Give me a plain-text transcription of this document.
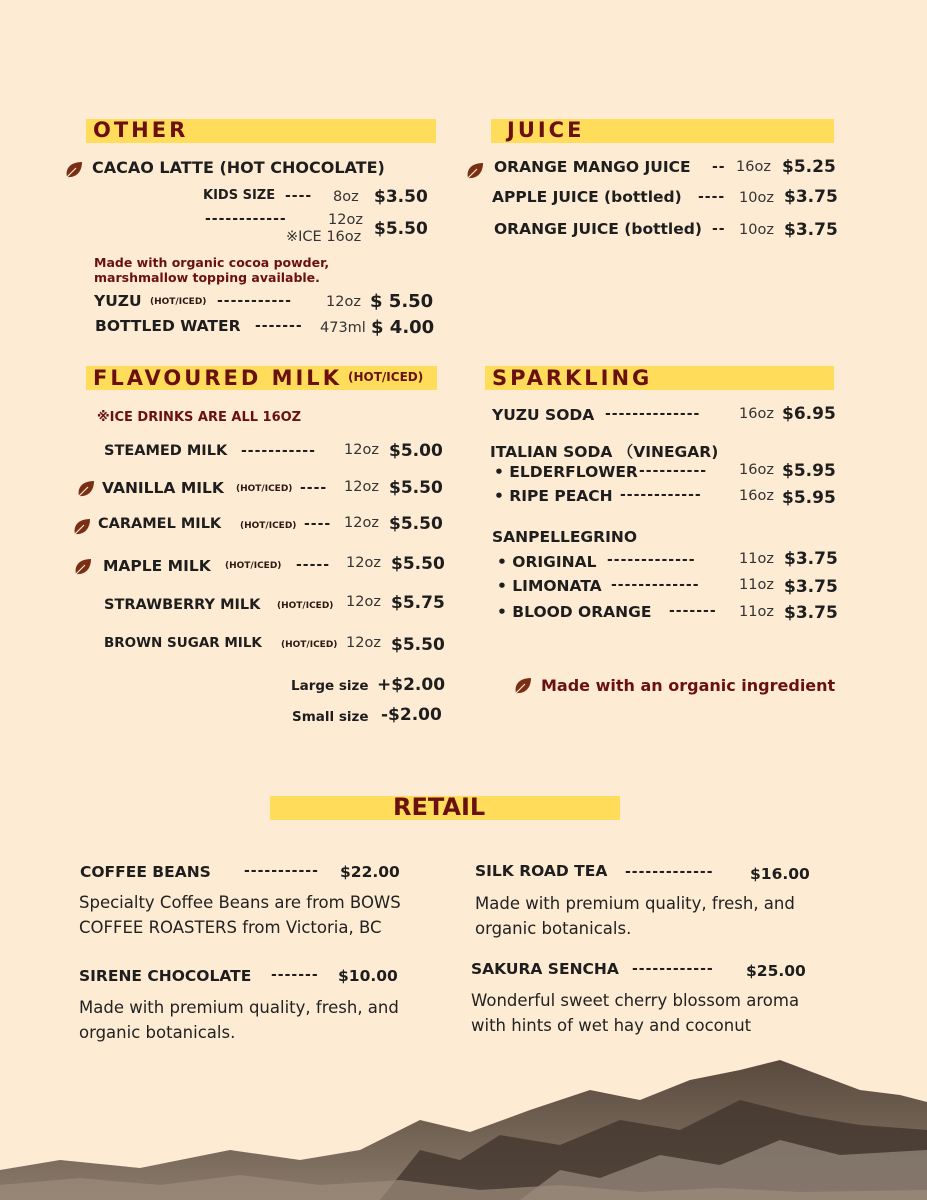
OTHER
CACAO LATTE (HOT CHOCOLATE)
KIDS SIZE ---- 8oz $3.50
------------	12oz
※ICE 16oz $5.50
Made with organic cocoa powder,
marshmallow topping available.
YUZU (HOT/ICED) ----------- 12oz $ 5.50
BOTTLED WATER ------- 473ml $ 4.00
JUICE
ORANGE MANGO JUICE -- 16oz $5.25
APPLE JUICE (bottled) ---- 10oz $3.75
ORANGE JUICE (bottled) -- 10oz $3.75
FLAVOURED MILK (HOT/ICED)
※ICE DRINKS ARE ALL 16OZ
STEAMED MILK ----------- 12oz $5.00
VANILLA MILK (HOT/ICED) ---- 12oz $5.50
CARAMEL MILK (HOT/ICED) ---- 12oz $5.50
MAPLE MILK (HOT/ICED) ----- 12oz $5.50
STRAWBERRY MILK (HOT/ICED) 12oz $5.75
BROWN SUGAR MILK (HOT/ICED) 12oz $5.50
Large size +$2.00
Small size -$2.00
SPARKLING
YUZU SODA --------------	16oz $6.95
ITALIAN SODA （VINEGAR)
• ELDERFLOWER ---------- 16oz $5.95
• RIPE PEACH ------------	16oz $5.95
SANPELLEGRINO
• ORIGINAL -------------	11oz $3.75
• LIMONATA -------------	11oz $3.75
• BLOOD ORANGE ------- 11oz $3.75
Made with an organic ingredient
RETAIL
COFFEE BEANS ----------- $22.00
Specialty Coffee Beans are from BOWS COFFEE ROASTERS from Victoria, BC
SILK ROAD TEA ------------- $16.00
Made with premium quality, fresh, and organic botanicals.
SIRENE CHOCOLATE ------- $10.00
Made with premium quality, fresh, and organic botanicals.
SAKURA SENCHA ------------ $25.00
Wonderful sweet cherry blossom aroma with hints of wet hay and coconut
